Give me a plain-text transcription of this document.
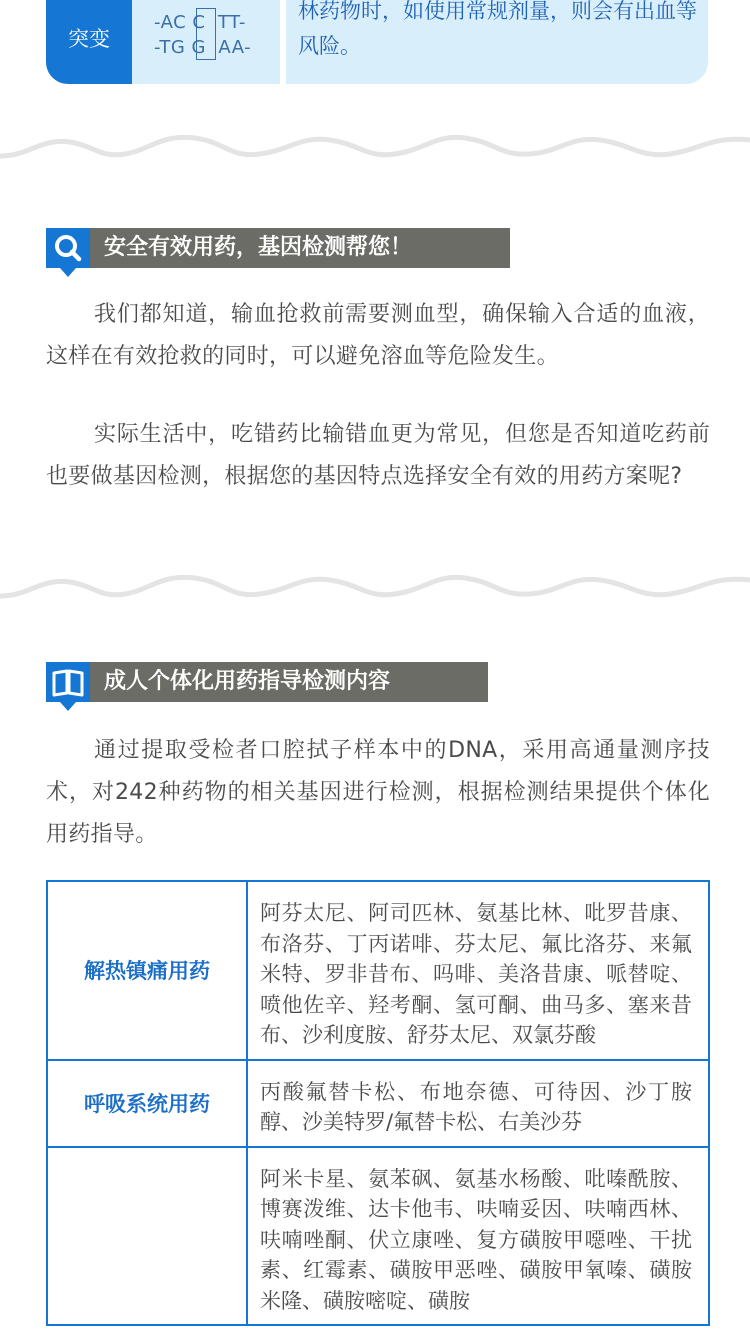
突变
-AC C  TT-
-TG G  AA-
林药物时，如使用常规剂量，则会有出血等风险。
安全有效用药，基因检测帮您！
我们都知道，输血抢救前需要测血型，确保输入合适的血液，这样在有效抢救的同时，可以避免溶血等危险发生。
实际生活中，吃错药比输错血更为常见，但您是否知道吃药前也要做基因检测，根据您的基因特点选择安全有效的用药方案呢?
成人个体化用药指导检测内容
通过提取受检者口腔拭子样本中的DNA，采用高通量测序技术，对242种药物的相关基因进行检测，根据检测结果提供个体化用药指导。
解热镇痛用药	阿芬太尼、阿司匹林、氨基比林、吡罗昔康、布洛芬、丁丙诺啡、芬太尼、氟比洛芬、来氟米特、罗非昔布、吗啡、美洛昔康、哌替啶、喷他佐辛、羟考酮、氢可酮、曲马多、塞来昔布、沙利度胺、舒芬太尼、双氯芬酸
呼吸系统用药	丙酸氟替卡松、布地奈德、可待因、沙丁胺醇、沙美特罗/氟替卡松、右美沙芬
	阿米卡星、氨苯砜、氨基水杨酸、吡嗪酰胺、博赛泼维、达卡他韦、呋喃妥因、呋喃西林、呋喃唑酮、伏立康唑、复方磺胺甲噁唑、干扰素、红霉素、磺胺甲恶唑、磺胺甲氧嗪、磺胺米隆、磺胺嘧啶、磺胺
